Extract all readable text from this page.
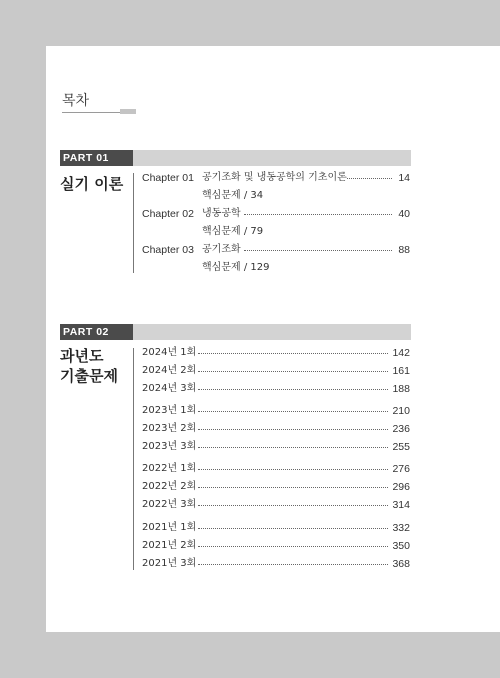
목차
PART 01
실기 이론 Chapter 01 공기조화 및 냉동공학의 기초이론	14
핵심문제 / 34
Chapter 02 냉동공학	40
핵심문제 / 79
Chapter 03 공기조화	88
핵심문제 / 129
PART 02
과년도
기출문제
2024년 1회	142
2024년 2회	161
2024년 3회	188
2023년 1회	210
2023년 2회	236
2023년 3회	255
2022년 1회	276
2022년 2회	296
2022년 3회	314
2021년 1회	332
2021년 2회	350
2021년 3회	368
